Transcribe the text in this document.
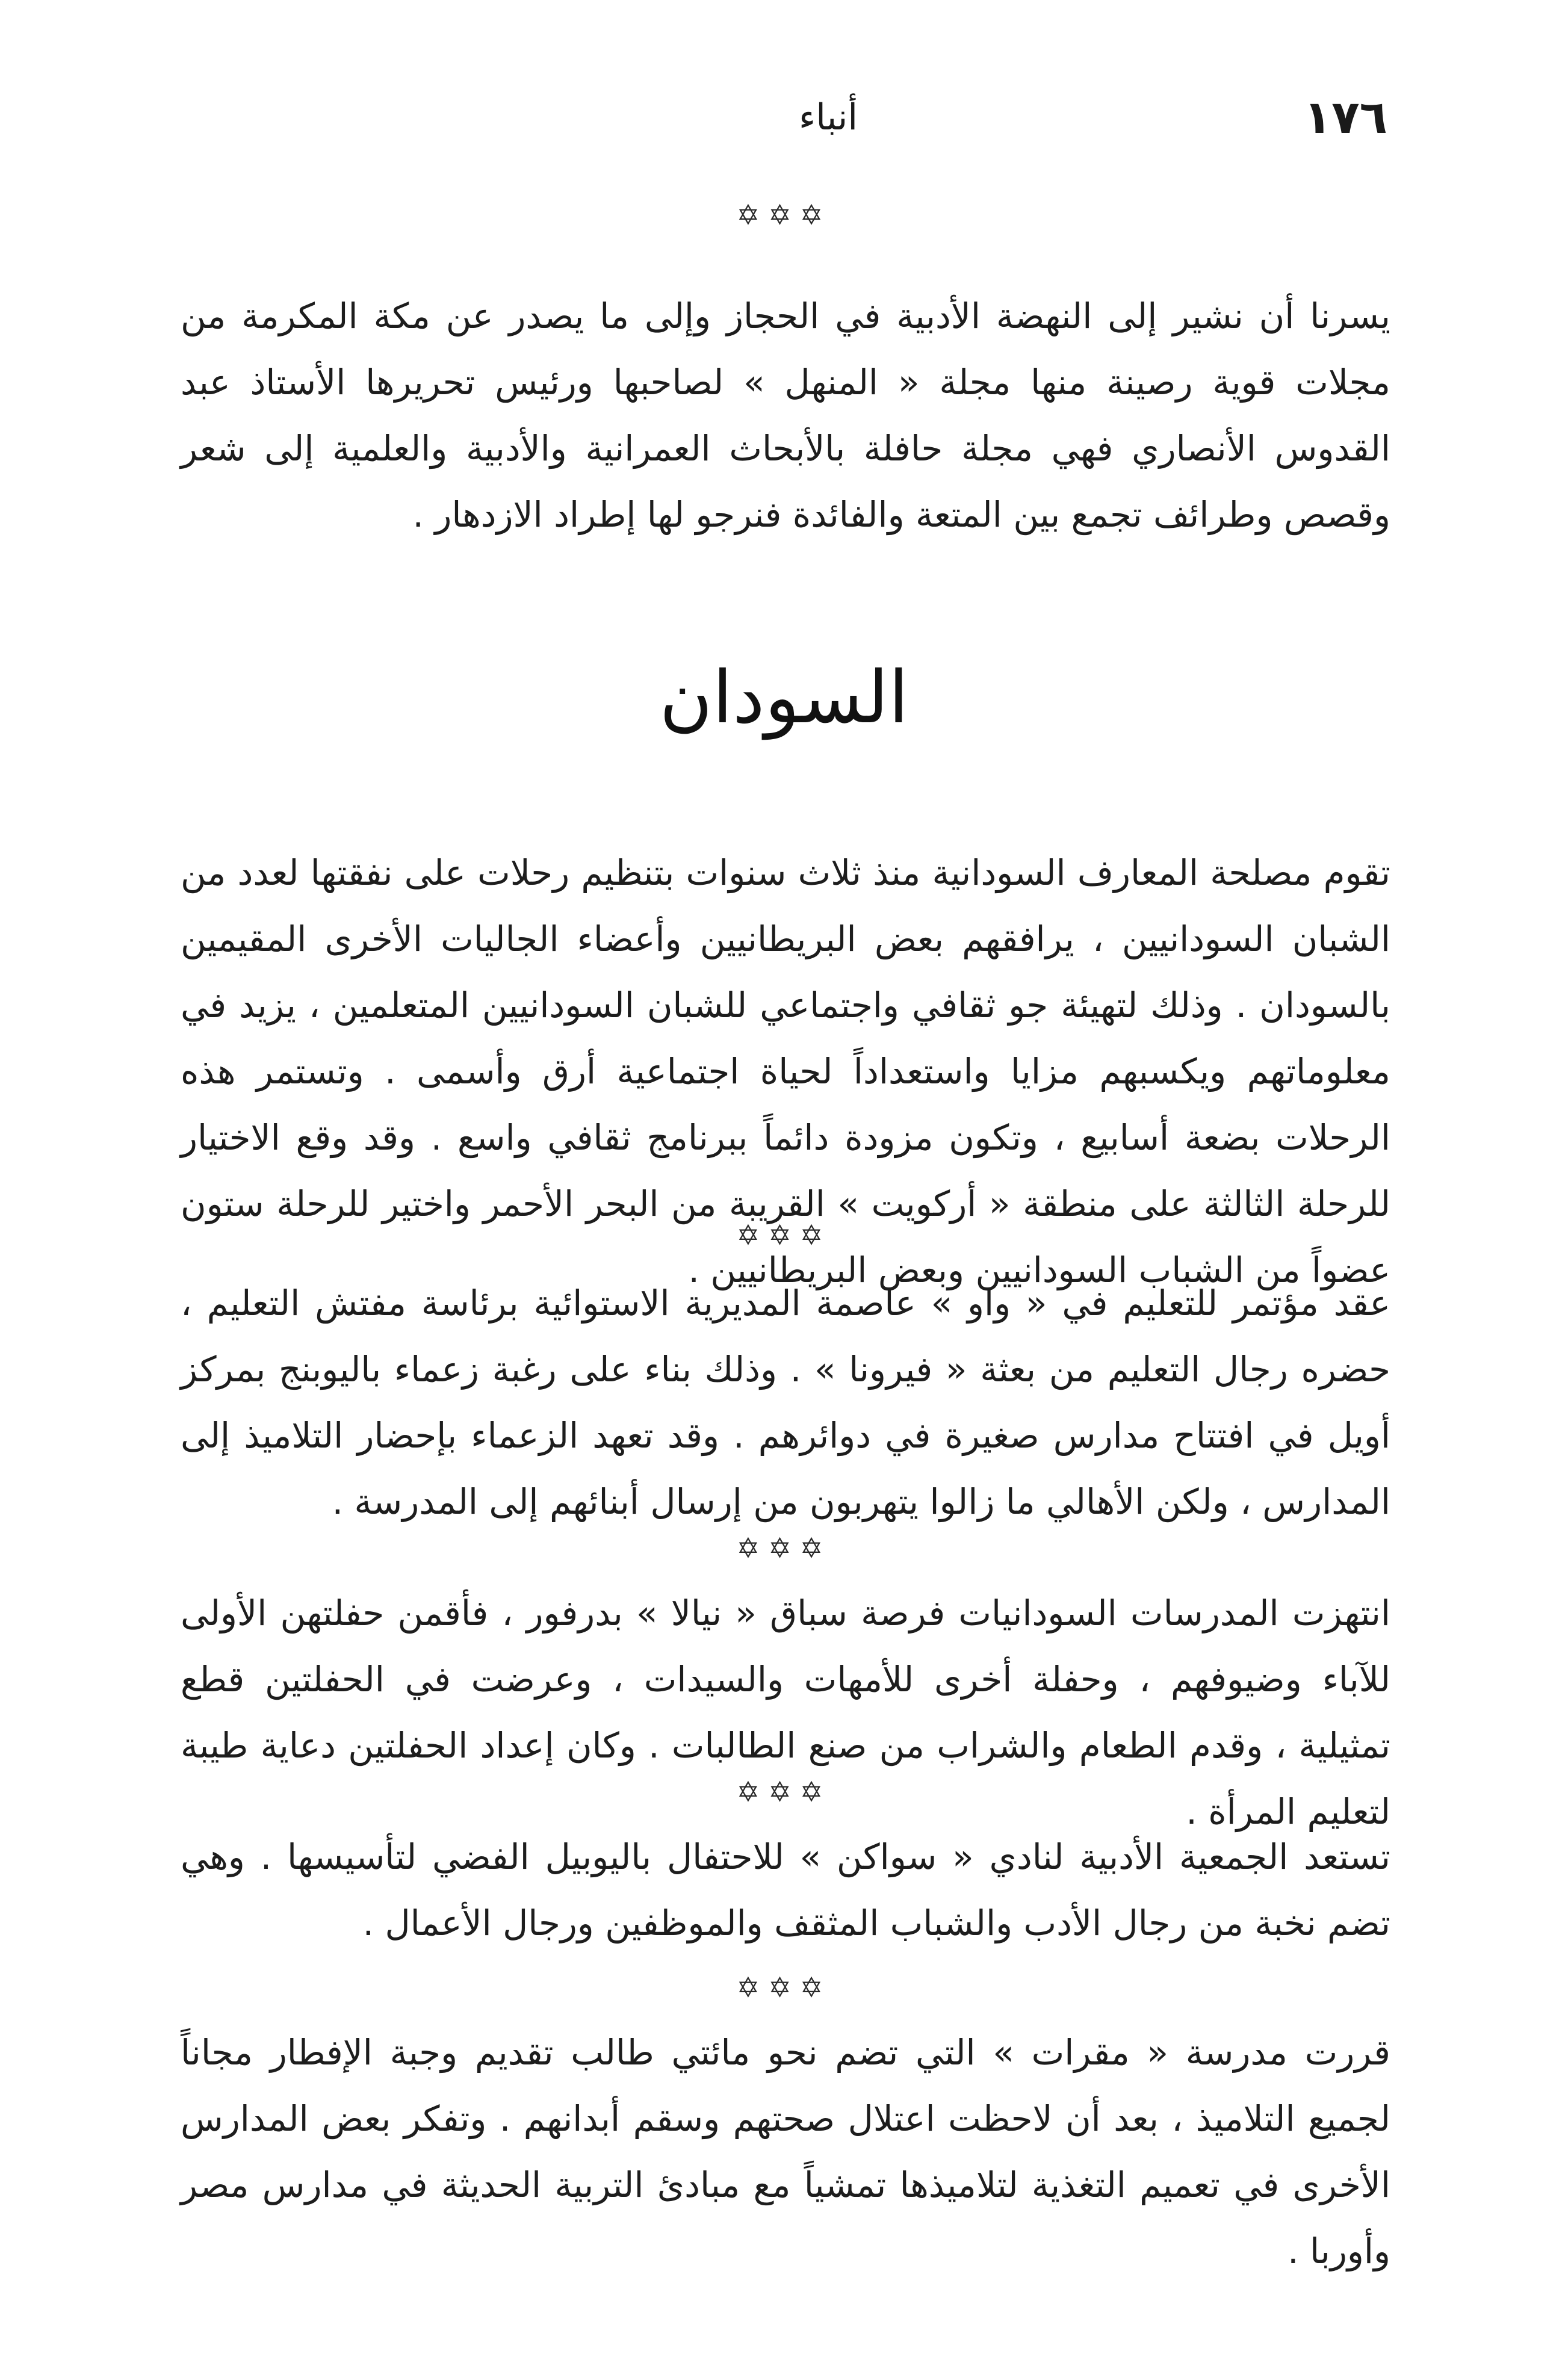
١٧٦
أنباء
✡✡✡

يسرنا أن نشير إلى النهضة الأدبية في الحجاز وإلى ما يصدر عن مكة المكرمة من مجلات قوية رصينة منها مجلة « المنهل » لصاحبها ورئيس تحريرها الأستاذ عبد القدوس الأنصاري فهي مجلة حافلة بالأبحاث العمرانية والأدبية والعلمية إلى شعر وقصص وطرائف تجمع بين المتعة والفائدة فنرجو لها إطراد الازدهار .

السودان

تقوم مصلحة المعارف السودانية منذ ثلاث سنوات بتنظيم رحلات على نفقتها لعدد من الشبان السودانيين ، يرافقهم بعض البريطانيين وأعضاء الجاليات الأخرى المقيمين بالسودان . وذلك لتهيئة جو ثقافي واجتماعي للشبان السودانيين المتعلمين ، يزيد في معلوماتهم ويكسبهم مزايا واستعداداً لحياة اجتماعية أرق وأسمى . وتستمر هذه الرحلات بضعة أسابيع ، وتكون مزودة دائماً ببرنامج ثقافي واسع . وقد وقع الاختيار للرحلة الثالثة على منطقة « أركويت » القريبة من البحر الأحمر واختير للرحلة ستون عضواً من الشباب السودانيين وبعض البريطانيين .

✡✡✡

عقد مؤتمر للتعليم في « واو » عاصمة المديرية الاستوائية برئاسة مفتش التعليم ، حضره رجال التعليم من بعثة « فيرونا » . وذلك بناء على رغبة زعماء باليوبنج بمركز أويل في افتتاح مدارس صغيرة في دوائرهم . وقد تعهد الزعماء بإحضار التلاميذ إلى المدارس ، ولكن الأهالي ما زالوا يتهربون من إرسال أبنائهم إلى المدرسة .

✡✡✡

انتهزت المدرسات السودانيات فرصة سباق « نيالا » بدرفور ، فأقمن حفلتهن الأولى للآباء وضيوفهم ، وحفلة أخرى للأمهات والسيدات ، وعرضت في الحفلتين قطع تمثيلية ، وقدم الطعام والشراب من صنع الطالبات . وكان إعداد الحفلتين دعاية طيبة لتعليم المرأة .

✡✡✡

تستعد الجمعية الأدبية لنادي « سواكن » للاحتفال باليوبيل الفضي لتأسيسها . وهي تضم نخبة من رجال الأدب والشباب المثقف والموظفين ورجال الأعمال .

✡✡✡

قررت مدرسة « مقرات » التي تضم نحو مائتي طالب تقديم وجبة الإفطار مجاناً لجميع التلاميذ ، بعد أن لاحظت اعتلال صحتهم وسقم أبدانهم . وتفكر بعض المدارس الأخرى في تعميم التغذية لتلاميذها تمشياً مع مبادئ التربية الحديثة في مدارس مصر وأوربا .
